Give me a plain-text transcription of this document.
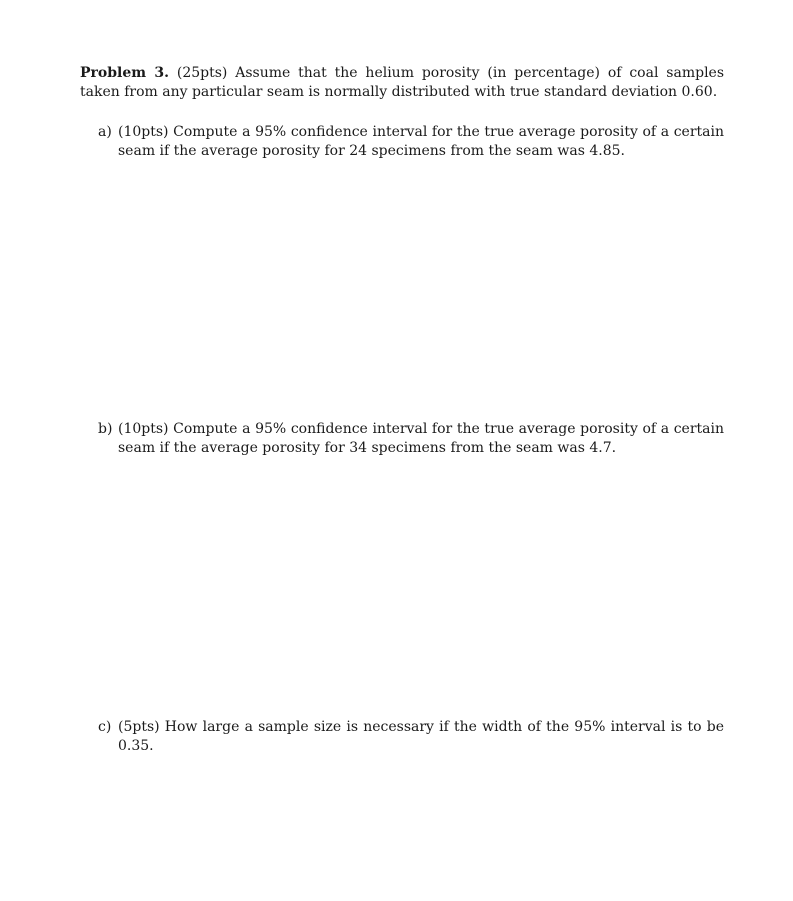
Problem 3. (25pts) Assume that the helium porosity (in percentage) of coal samples taken from any particular seam is normally distributed with true standard deviation 0.60.
a) (10pts) Compute a 95% confidence interval for the true average porosity of a certain seam if the average porosity for 24 specimens from the seam was 4.85.
b) (10pts) Compute a 95% confidence interval for the true average porosity of a certain seam if the average porosity for 34 specimens from the seam was 4.7.
c) (5pts) How large a sample size is necessary if the width of the 95% interval is to be 0.35.
